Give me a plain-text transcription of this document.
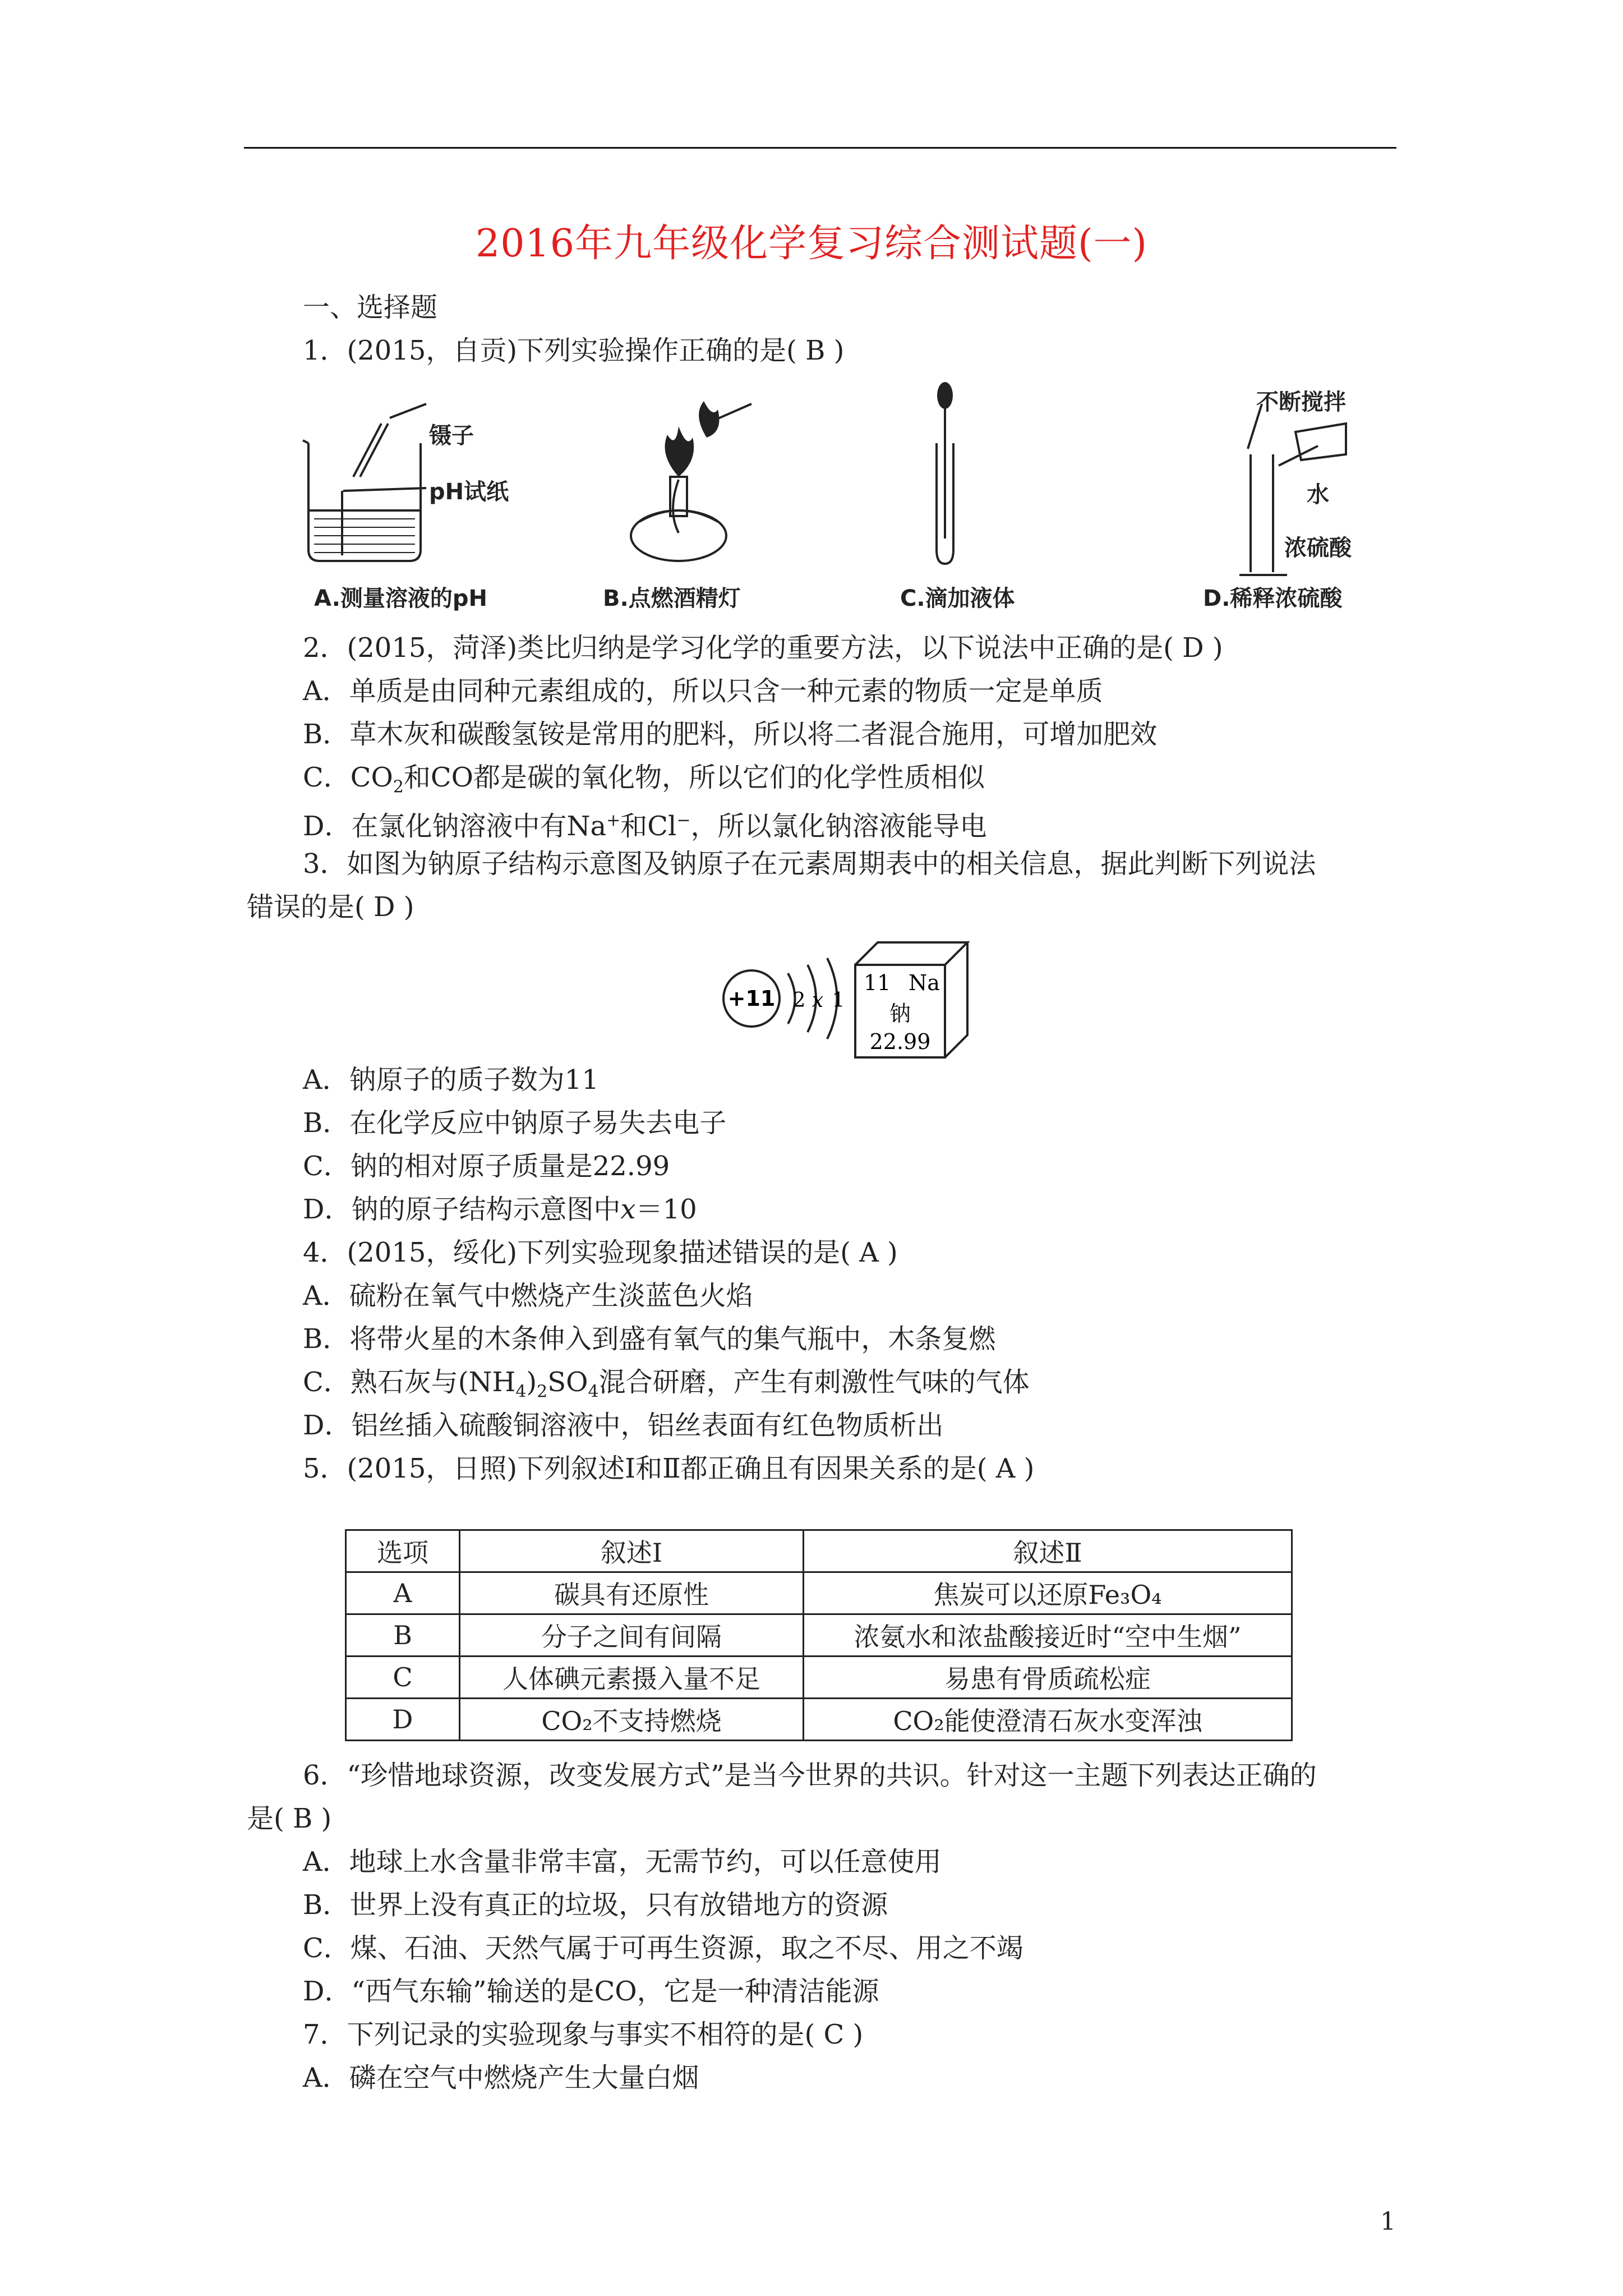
2016年九年级化学复习综合测试题(一)
一、选择题
1．(2015，自贡)下列实验操作正确的是( B )
镊子
pH试纸
不断搅拌
水
浓硫酸
A.测量溶液的pH	B.点燃酒精灯	C.滴加液体	D.稀释浓硫酸
2．(2015，菏泽)类比归纳是学习化学的重要方法，以下说法中正确的是( D )
A．单质是由同种元素组成的，所以只含一种元素的物质一定是单质
B．草木灰和碳酸氢铵是常用的肥料，所以将二者混合施用，可增加肥效
C．$CO_2$和CO都是碳的氧化物，所以它们的化学性质相似
D．在氯化钠溶液中有Na+和Cl−，所以氯化钠溶液能导电
3．如图为钠原子结构示意图及钠原子在元素周期表中的相关信息，据此判断下列说法
错误的是( D )
+11 2 x 1
11 Na
钠
22.99
A．钠原子的质子数为11
B．在化学反应中钠原子易失去电子
C．钠的相对原子质量是22.99
D．钠的原子结构示意图中x＝10
4．(2015，绥化)下列实验现象描述错误的是( A )
A．硫粉在氧气中燃烧产生淡蓝色火焰
B．将带火星的木条伸入到盛有氧气的集气瓶中，木条复燃
C．熟石灰与$(NH_4)_2SO_4$混合研磨，产生有刺激性气味的气体
D．铝丝插入硫酸铜溶液中，铝丝表面有红色物质析出
5．(2015，日照)下列叙述Ⅰ和Ⅱ都正确且有因果关系的是( A )
选项	叙述Ⅰ	叙述Ⅱ
A	碳具有还原性	焦炭可以还原Fe₃O₄
B	分子之间有间隔	浓氨水和浓盐酸接近时“空中生烟”
C	人体碘元素摄入量不足	易患有骨质疏松症
D	CO₂不支持燃烧	CO₂能使澄清石灰水变浑浊
6．“珍惜地球资源，改变发展方式”是当今世界的共识。针对这一主题下列表达正确的
是( B )
A．地球上水含量非常丰富，无需节约，可以任意使用
B．世界上没有真正的垃圾，只有放错地方的资源
C．煤、石油、天然气属于可再生资源，取之不尽、用之不竭
D．“西气东输”输送的是CO，它是一种清洁能源
7．下列记录的实验现象与事实不相符的是( C )
A．磷在空气中燃烧产生大量白烟
1
